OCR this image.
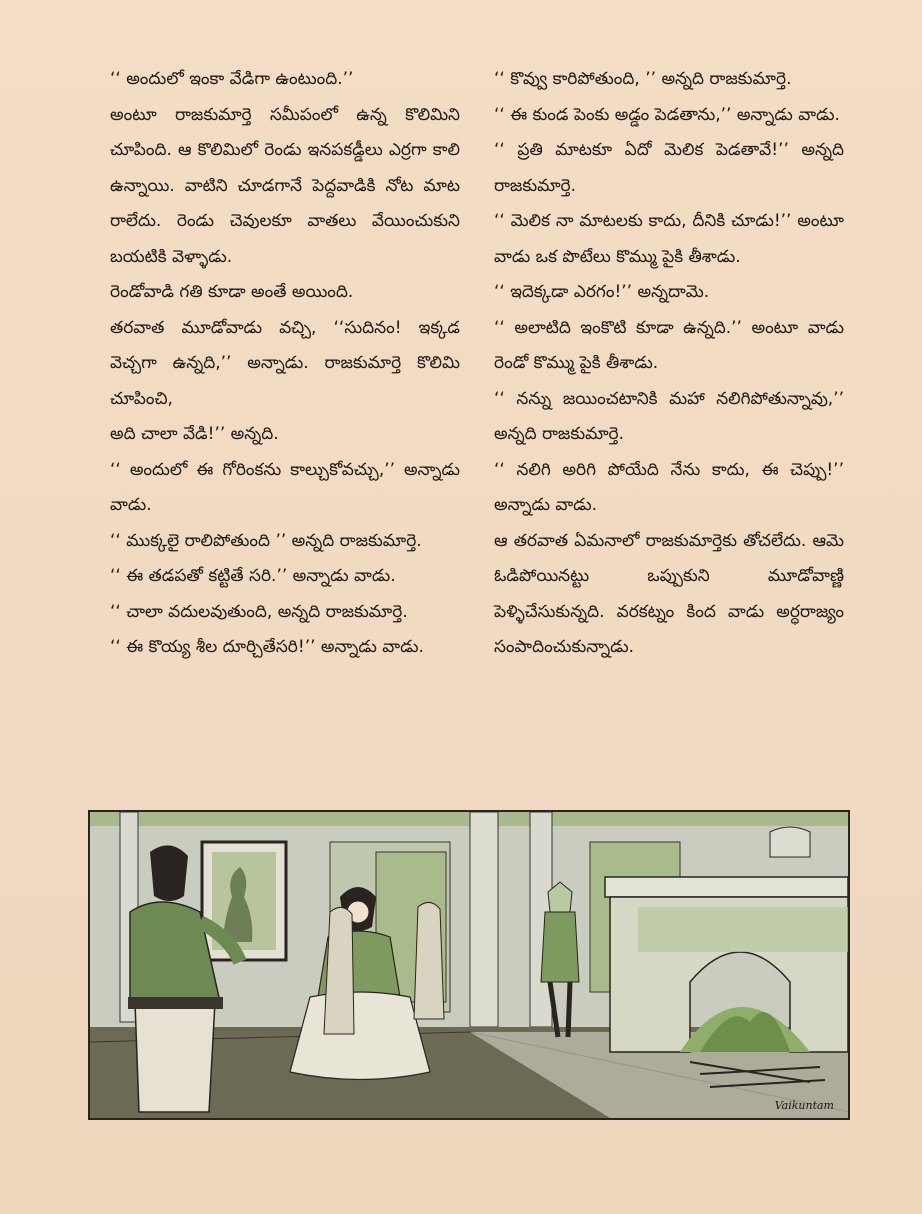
‘‘ అందులో ఇంకా వేడిగా ఉంటుంది.’’

అంటూ రాజకుమార్తె సమీపంలో ఉన్న కొలిమిని చూపింది. ఆ కొలిమిలో రెండు ఇనపకడ్డీలు ఎర్రగా కాలి ఉన్నాయి. వాటిని చూడగానే పెద్దవాడికి నోట మాట రాలేదు. రెండు చెవులకూ వాతలు వేయించుకుని బయటికి వెళ్ళాడు.

రెండోవాడి గతి కూడా అంతే అయింది.

తరవాత మూడోవాడు వచ్చి, ‘‘సుదినం! ఇక్కడ వెచ్చగా ఉన్నది,’’ అన్నాడు. రాజకుమార్తె కొలిమి చూపించి,

అది చాలా వేడి!’’ అన్నది.

‘‘ అందులో ఈ గోరింకను కాల్చుకోవచ్చు,’’ అన్నాడు వాడు.

‘‘ ముక్కలై రాలిపోతుంది ’’ అన్నది రాజకుమార్తె.

‘‘ ఈ తడపతో కట్టితే సరి.’’ అన్నాడు వాడు.

‘‘ చాలా వదులవుతుంది, అన్నది రాజకుమార్తె.

‘‘ ఈ కొయ్య శీల దూర్చితేసరి!’’ అన్నాడు వాడు.

‘‘ కొవ్వు కారిపోతుంది, ’’ అన్నది రాజకుమార్తె.

‘‘ ఈ కుండ పెంకు అడ్డం పెడతాను,’’ అన్నాడు వాడు.

‘‘ ప్రతి మాటకూ ఏదో మెలిక పెడతావే!’’ అన్నది రాజకుమార్తె.

‘‘ మెలిక నా మాటలకు కాదు, దీనికి చూడు!’’ అంటూ వాడు ఒక పొటేలు కొమ్ము పైకి తీశాడు.

‘‘ ఇదెక్కడా ఎరగం!’’ అన్నదామె.

‘‘ అలాటిది ఇంకొటి కూడా ఉన్నది.’’ అంటూ వాడు రెండో కొమ్ము పైకి తీశాడు.

‘‘ నన్ను జయించటానికి మహా నలిగిపోతున్నావు,’’ అన్నది రాజకుమార్తె.

‘‘ నలిగి అరిగి పోయేది నేను కాదు, ఈ చెప్పు!’’ అన్నాడు వాడు.

ఆ తరవాత ఏమనాలో రాజకుమార్తెకు తోచలేదు. ఆమె ఓడిపోయినట్టు ఒప్పుకుని మూడోవాణ్ణి పెళ్ళిచేసుకున్నది. వరకట్నం కింద వాడు అర్ధరాజ్యం సంపాదించుకున్నాడు.

Vaikuntam
